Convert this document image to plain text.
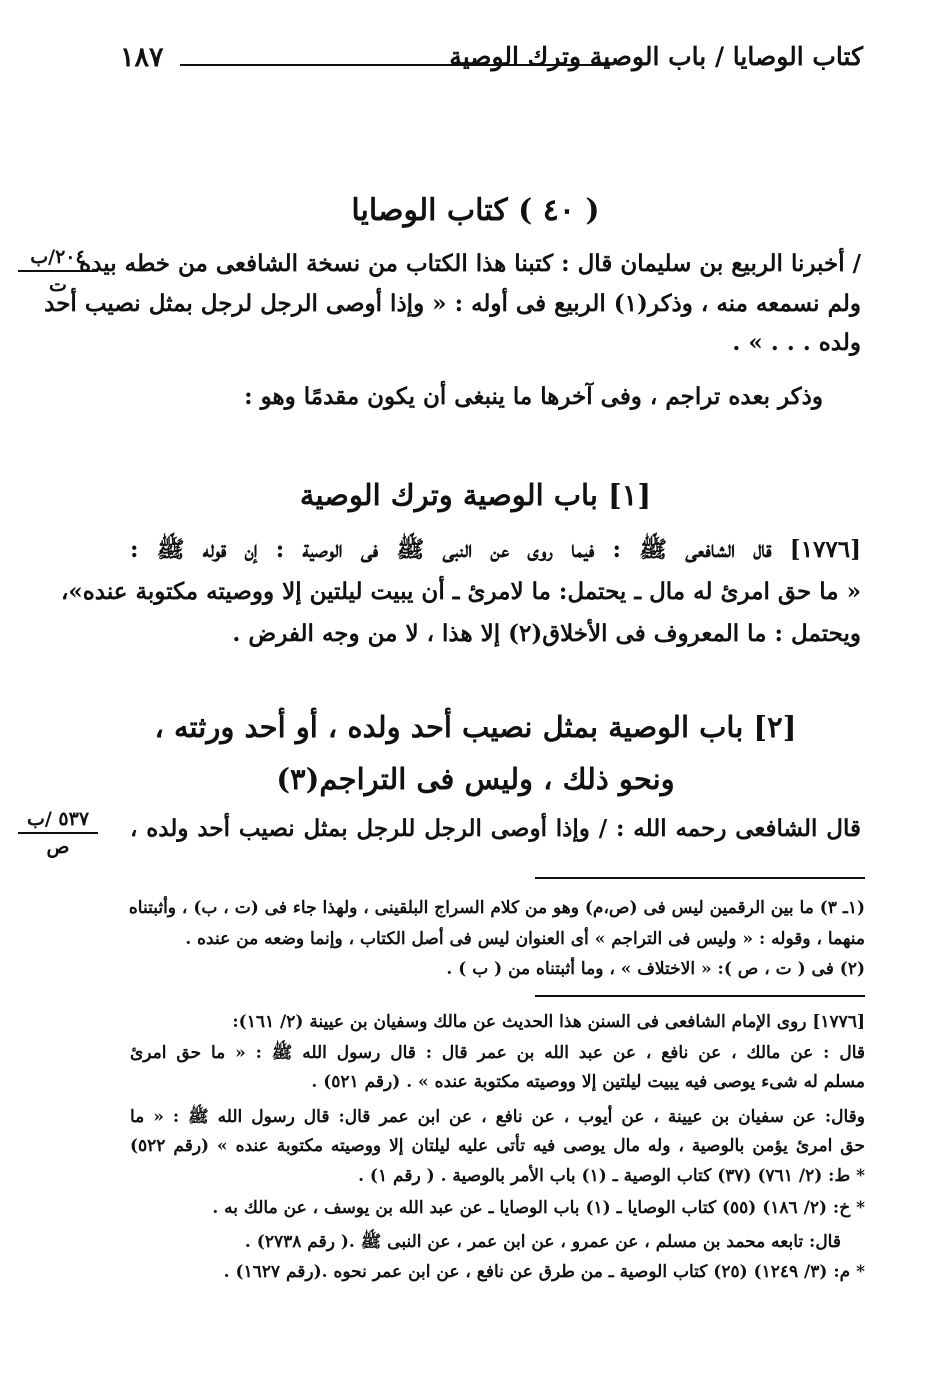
١٨٧	كتاب الوصايا / باب الوصية وترك الوصية
( ٤٠ ) كتاب الوصايا
٢٠٤/ب
ت
/ أخبرنا الربيع بن سليمان قال : كتبنا هذا الكتاب من نسخة الشافعى من خطه بيده
ولم نسمعه منه ، وذكر(١) الربيع فى أوله : « وإذا أوصى الرجل لرجل بمثل نصيب أحد
ولده . . . » .
وذكر بعده تراجم ، وفى آخرها ما ينبغى أن يكون مقدمًا وهو :
[١] باب الوصية وترك الوصية
[١٧٧٦] قال الشافعى ﷺ : فيما روى عن النبى ﷺ فى الوصية : إن قوله ﷺ :
« ما حق امرئ له مال ـ يحتمل: ما لامرئ ـ أن يبيت ليلتين إلا ووصيته مكتوبة عنده»،
ويحتمل : ما المعروف فى الأخلاق(٢) إلا هذا ، لا من وجه الفرض .
[٢] باب الوصية بمثل نصيب أحد ولده ، أو أحد ورثته ،
ونحو ذلك ، وليس فى التراجم(٣)
٥٣٧ /ب
ص
قال الشافعى رحمه الله : / وإذا أوصى الرجل للرجل بمثل نصيب أحد ولده ،
(١ـ ٣) ما بين الرقمين ليس فى (ص،م) وهو من كلام السراج البلقينى ، ولهذا جاء فى (ت ، ب) ، وأثبتناه
منهما ، وقوله : « وليس فى التراجم » أى العنوان ليس فى أصل الكتاب ، وإنما وضعه من عنده .
(٢) فى ( ت ، ص ): « الاختلاف » ، وما أثبتناه من ( ب ) .
[١٧٧٦] روى الإمام الشافعى فى السنن هذا الحديث عن مالك وسفيان بن عيينة (٢/ ١٦١):
قال : عن مالك ، عن نافع ، عن عبد الله بن عمر قال : قال رسول الله ﷺ : « ما حق امرئ
مسلم له شىء يوصى فيه يبيت ليلتين إلا ووصيته مكتوبة عنده » . (رقم ٥٢١) .
وقال: عن سفيان بن عيينة ، عن أيوب ، عن نافع ، عن ابن عمر قال: قال رسول الله ﷺ : « ما
حق امرئ يؤمن بالوصية ، وله مال يوصى فيه تأتى عليه ليلتان إلا ووصيته مكتوبة عنده » (رقم ٥٢٢)
* ط: (٢/ ٧٦١) (٣٧) كتاب الوصية ـ (١) باب الأمر بالوصية . ( رقم ١) .
* خ: (٢/ ١٨٦) (٥٥) كتاب الوصايا ـ (١) باب الوصايا ـ عن عبد الله بن يوسف ، عن مالك به .
قال: تابعه محمد بن مسلم ، عن عمرو ، عن ابن عمر ، عن النبى ﷺ .( رقم ٢٧٣٨) .
* م: (٣/ ١٢٤٩) (٢٥) كتاب الوصية ـ من طرق عن نافع ، عن ابن عمر نحوه .(رقم ١٦٢٧) .
